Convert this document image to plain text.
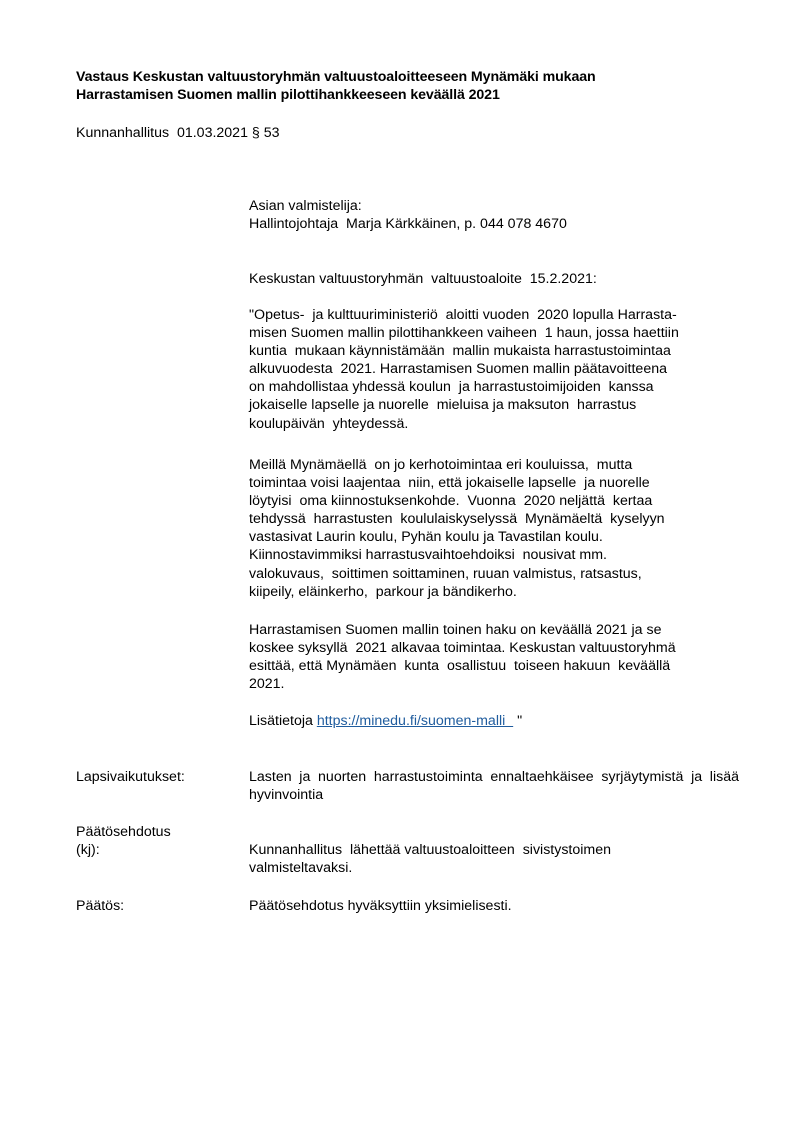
Vastaus Keskustan valtuustoryhmän valtuustoaloitteeseen Mynämäki mukaan
Harrastamisen Suomen mallin pilottihankkeeseen keväällä 2021
Kunnanhallitus  01.03.2021 § 53
Asian valmistelija:
Hallintojohtaja  Marja Kärkkäinen, p. 044 078 4670
Keskustan valtuustoryhmän  valtuustoaloite  15.2.2021:
"Opetus-  ja kulttuuriministeriö  aloitti vuoden  2020 lopulla Harrasta-
misen Suomen mallin pilottihankkeen vaiheen  1 haun, jossa haettiin
kuntia  mukaan käynnistämään  mallin mukaista harrastustoimintaa
alkuvuodesta  2021. Harrastamisen Suomen mallin päätavoitteena
on mahdollistaa yhdessä koulun  ja harrastustoimijoiden  kanssa
jokaiselle lapselle ja nuorelle  mieluisa ja maksuton  harrastus
koulupäivän  yhteydessä.
Meillä Mynämäellä  on jo kerhotoimintaa eri kouluissa,  mutta
toimintaa voisi laajentaa  niin, että jokaiselle lapselle  ja nuorelle
löytyisi  oma kiinnostuksenkohde.  Vuonna  2020 neljättä  kertaa
tehdyssä  harrastusten  koululaiskyselyssä  Mynämäeltä  kyselyyn
vastasivat Laurin koulu, Pyhän koulu ja Tavastilan koulu.
Kiinnostavimmiksi harrastusvaihtoehdoiksi  nousivat mm.
valokuvaus,  soittimen soittaminen, ruuan valmistus, ratsastus,
kiipeily, eläinkerho,  parkour ja bändikerho.
Harrastamisen Suomen mallin toinen haku on keväällä 2021 ja se
koskee syksyllä  2021 alkavaa toimintaa. Keskustan valtuustoryhmä
esittää, että Mynämäen  kunta  osallistuu  toiseen hakuun  keväällä
2021.
Lisätietoja https://minedu.fi/suomen-malli   "
Lapsivaikutukset:	Lasten ja nuorten harrastustoiminta ennaltaehkäisee syrjäytymistä ja lisää hyvinvointia
Päätösehdotus
(kj):	Kunnanhallitus  lähettää valtuustoaloitteen  sivistystoimen
valmisteltavaksi.
Päätös:	Päätösehdotus hyväksyttiin yksimielisesti.
